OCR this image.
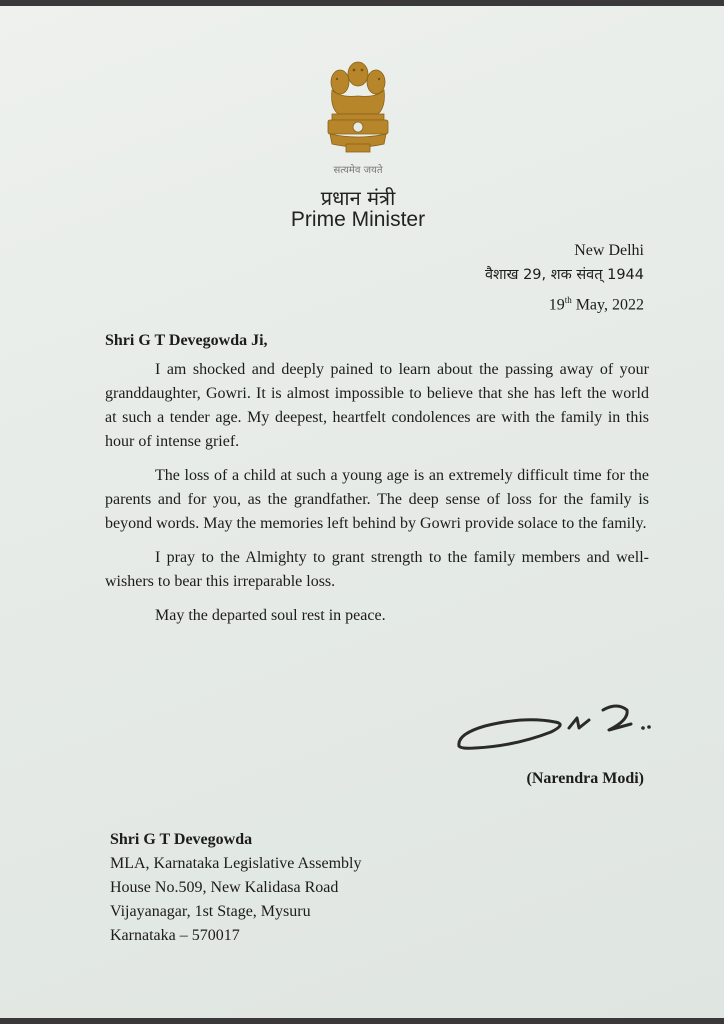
सत्यमेव जयते
प्रधान मंत्री
Prime Minister
New Delhi
वैशाख 29, शक संवत् 1944
19th May, 2022
Shri G T Devegowda Ji,

I am shocked and deeply pained to learn about the passing away of your granddaughter, Gowri. It is almost impossible to believe that she has left the world at such a tender age. My deepest, heartfelt condolences are with the family in this hour of intense grief.

The loss of a child at such a young age is an extremely difficult time for the parents and for you, as the grandfather. The deep sense of loss for the family is beyond words. May the memories left behind by Gowri provide solace to the family.

I pray to the Almighty to grant strength to the family members and well-wishers to bear this irreparable loss.

May the departed soul rest in peace.

(Narendra Modi)
Shri G T Devegowda
MLA, Karnataka Legislative Assembly
House No.509, New Kalidasa Road
Vijayanagar, 1st Stage, Mysuru
Karnataka – 570017
